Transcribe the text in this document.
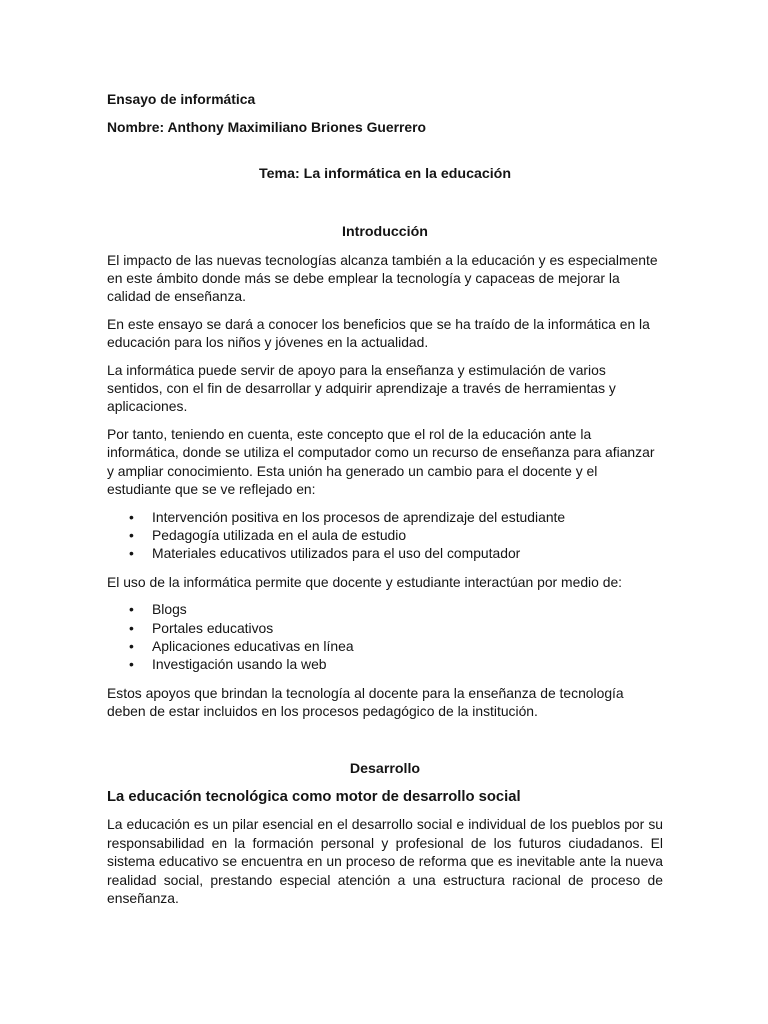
Ensayo de informática

Nombre: Anthony Maximiliano Briones Guerrero

Tema: La informática en la educación

Introducción

El impacto de las nuevas tecnologías alcanza también a la educación y es especialmente en este ámbito donde más se debe emplear la tecnología y capaceas de mejorar la calidad de enseñanza.

En este ensayo se dará a conocer los beneficios que se ha traído de la informática en la educación para los niños y jóvenes en la actualidad.

La informática puede servir de apoyo para la enseñanza y estimulación de varios sentidos, con el fin de desarrollar y adquirir aprendizaje a través de herramientas y aplicaciones.

Por tanto, teniendo en cuenta, este concepto que el rol de la educación ante la informática, donde se utiliza el computador como un recurso de enseñanza para afianzar y ampliar conocimiento. Esta unión ha generado un cambio para el docente y el estudiante que se ve reflejado en:

• Intervención positiva en los procesos de aprendizaje del estudiante
• Pedagogía utilizada en el aula de estudio
• Materiales educativos utilizados para el uso del computador

El uso de la informática permite que docente y estudiante interactúan por medio de:

• Blogs
• Portales educativos
• Aplicaciones educativas en línea
• Investigación usando la web

Estos apoyos que brindan la tecnología al docente para la enseñanza de tecnología deben de estar incluidos en los procesos pedagógico de la institución.

Desarrollo

La educación tecnológica como motor de desarrollo social

La educación es un pilar esencial en el desarrollo social e individual de los pueblos por su responsabilidad en la formación personal y profesional de los futuros ciudadanos. El sistema educativo se encuentra en un proceso de reforma que es inevitable ante la nueva realidad social, prestando especial atención a una estructura racional de proceso de enseñanza.
